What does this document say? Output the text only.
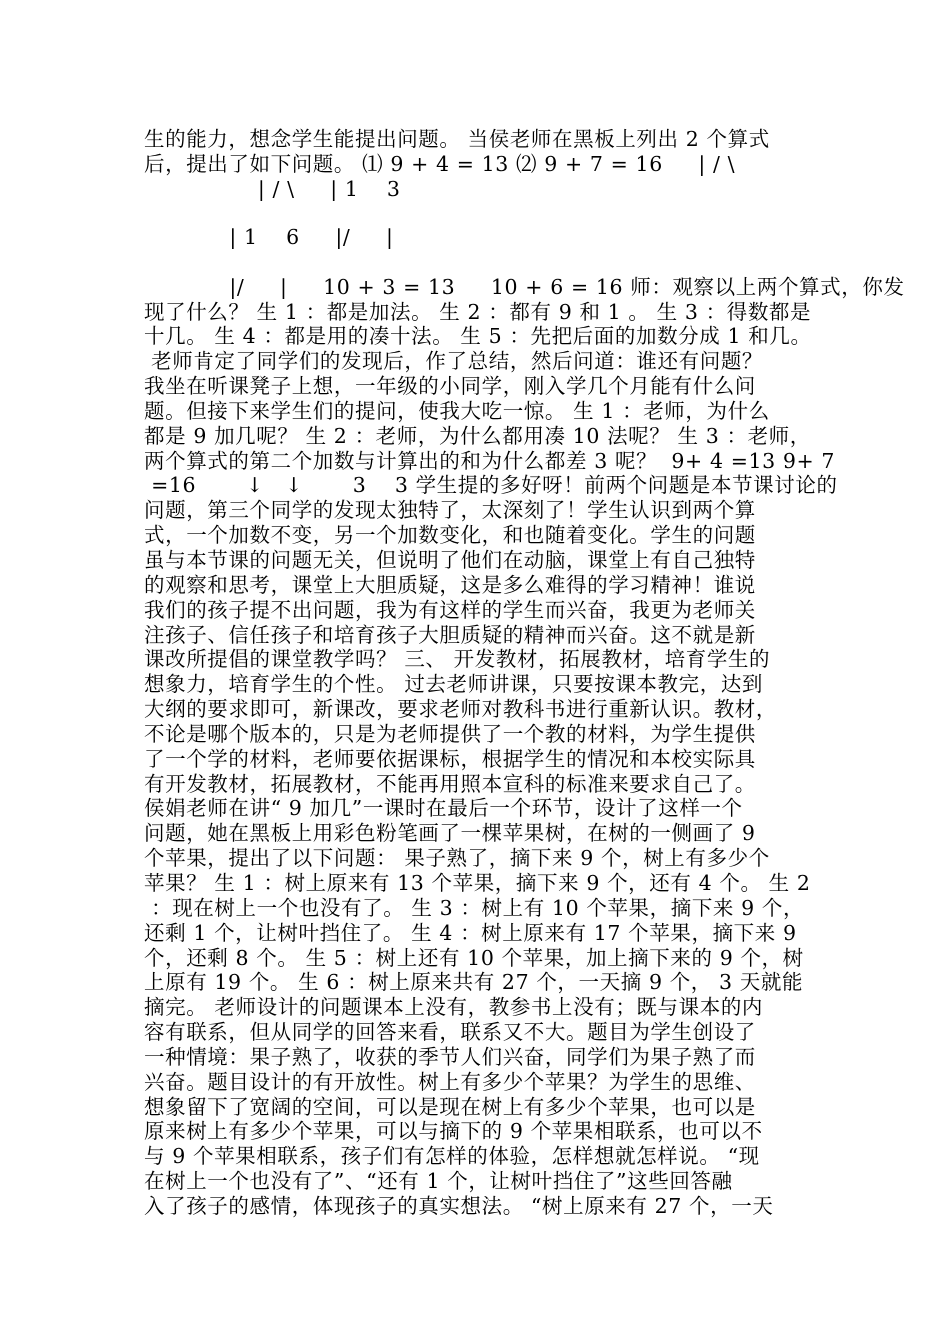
生的能力，想念学生能提出问题。 当侯老师在黑板上列出 2 个算式
后，提出了如下问题。 ⑴ 9 + 4 = 13 ⑵ 9 + 7 = 16     | / \
| / \     | 1    3
| 1    6     |/     |
|/     |     10 + 3 = 13     10 + 6 = 16 师：观察以上两个算式，你发
现了什么？ 生 1 ：都是加法。 生 2 ：都有 9 和 1 。 生 3 ：得数都是
十几。 生 4 ：都是用的凑十法。 生 5 ：先把后面的加数分成 1 和几。
老师肯定了同学们的发现后，作了总结，然后问道：谁还有问题？
我坐在听课凳子上想，一年级的小同学，刚入学几个月能有什么问
题。但接下来学生们的提问，使我大吃一惊。 生 1 ：老师，为什么
都是 9 加几呢？ 生 2 ：老师，为什么都用凑 10 法呢？ 生 3 ：老师，
两个算式的第二个加数与计算出的和为什么都差 3 呢？  9+ 4 =13 9+ 7
=16       ↓   ↓       3    3 学生提的多好呀！前两个问题是本节课讨论的
问题，第三个同学的发现太独特了，太深刻了！学生认识到两个算
式，一个加数不变，另一个加数变化，和也随着变化。学生的问题
虽与本节课的问题无关，但说明了他们在动脑，课堂上有自己独特
的观察和思考，课堂上大胆质疑，这是多么难得的学习精神！谁说
我们的孩子提不出问题，我为有这样的学生而兴奋，我更为老师关
注孩子、信任孩子和培育孩子大胆质疑的精神而兴奋。这不就是新
课改所提倡的课堂教学吗？ 三、 开发教材，拓展教材，培育学生的
想象力，培育学生的个性。 过去老师讲课，只要按课本教完，达到
大纲的要求即可，新课改，要求老师对教科书进行重新认识。教材，
不论是哪个版本的，只是为老师提供了一个教的材料，为学生提供
了一个学的材料，老师要依据课标，根据学生的情况和本校实际具
有开发教材，拓展教材，不能再用照本宣科的标准来要求自己了。
侯娟老师在讲“ 9 加几”一课时在最后一个环节，设计了这样一个
问题，她在黑板上用彩色粉笔画了一棵苹果树，在树的一侧画了 9
个苹果，提出了以下问题： 果子熟了，摘下来 9 个，树上有多少个
苹果？ 生 1 ：树上原来有 13 个苹果，摘下来 9 个，还有 4 个。 生 2
：现在树上一个也没有了。 生 3 ：树上有 10 个苹果，摘下来 9 个，
还剩 1 个，让树叶挡住了。 生 4 ：树上原来有 17 个苹果，摘下来 9
个，还剩 8 个。 生 5 ：树上还有 10 个苹果，加上摘下来的 9 个，树
上原有 19 个。 生 6 ：树上原来共有 27 个，一天摘 9 个， 3 天就能
摘完。 老师设计的问题课本上没有，教参书上没有；既与课本的内
容有联系，但从同学的回答来看，联系又不大。题目为学生创设了
一种情境：果子熟了，收获的季节人们兴奋，同学们为果子熟了而
兴奋。题目设计的有开放性。树上有多少个苹果？为学生的思维、
想象留下了宽阔的空间，可以是现在树上有多少个苹果，也可以是
原来树上有多少个苹果，可以与摘下的 9 个苹果相联系，也可以不
与 9 个苹果相联系，孩子们有怎样的体验，怎样想就怎样说。 “现
在树上一个也没有了”、“还有 1 个，让树叶挡住了”这些回答融
入了孩子的感情，体现孩子的真实想法。 “树上原来有 27 个，一天
